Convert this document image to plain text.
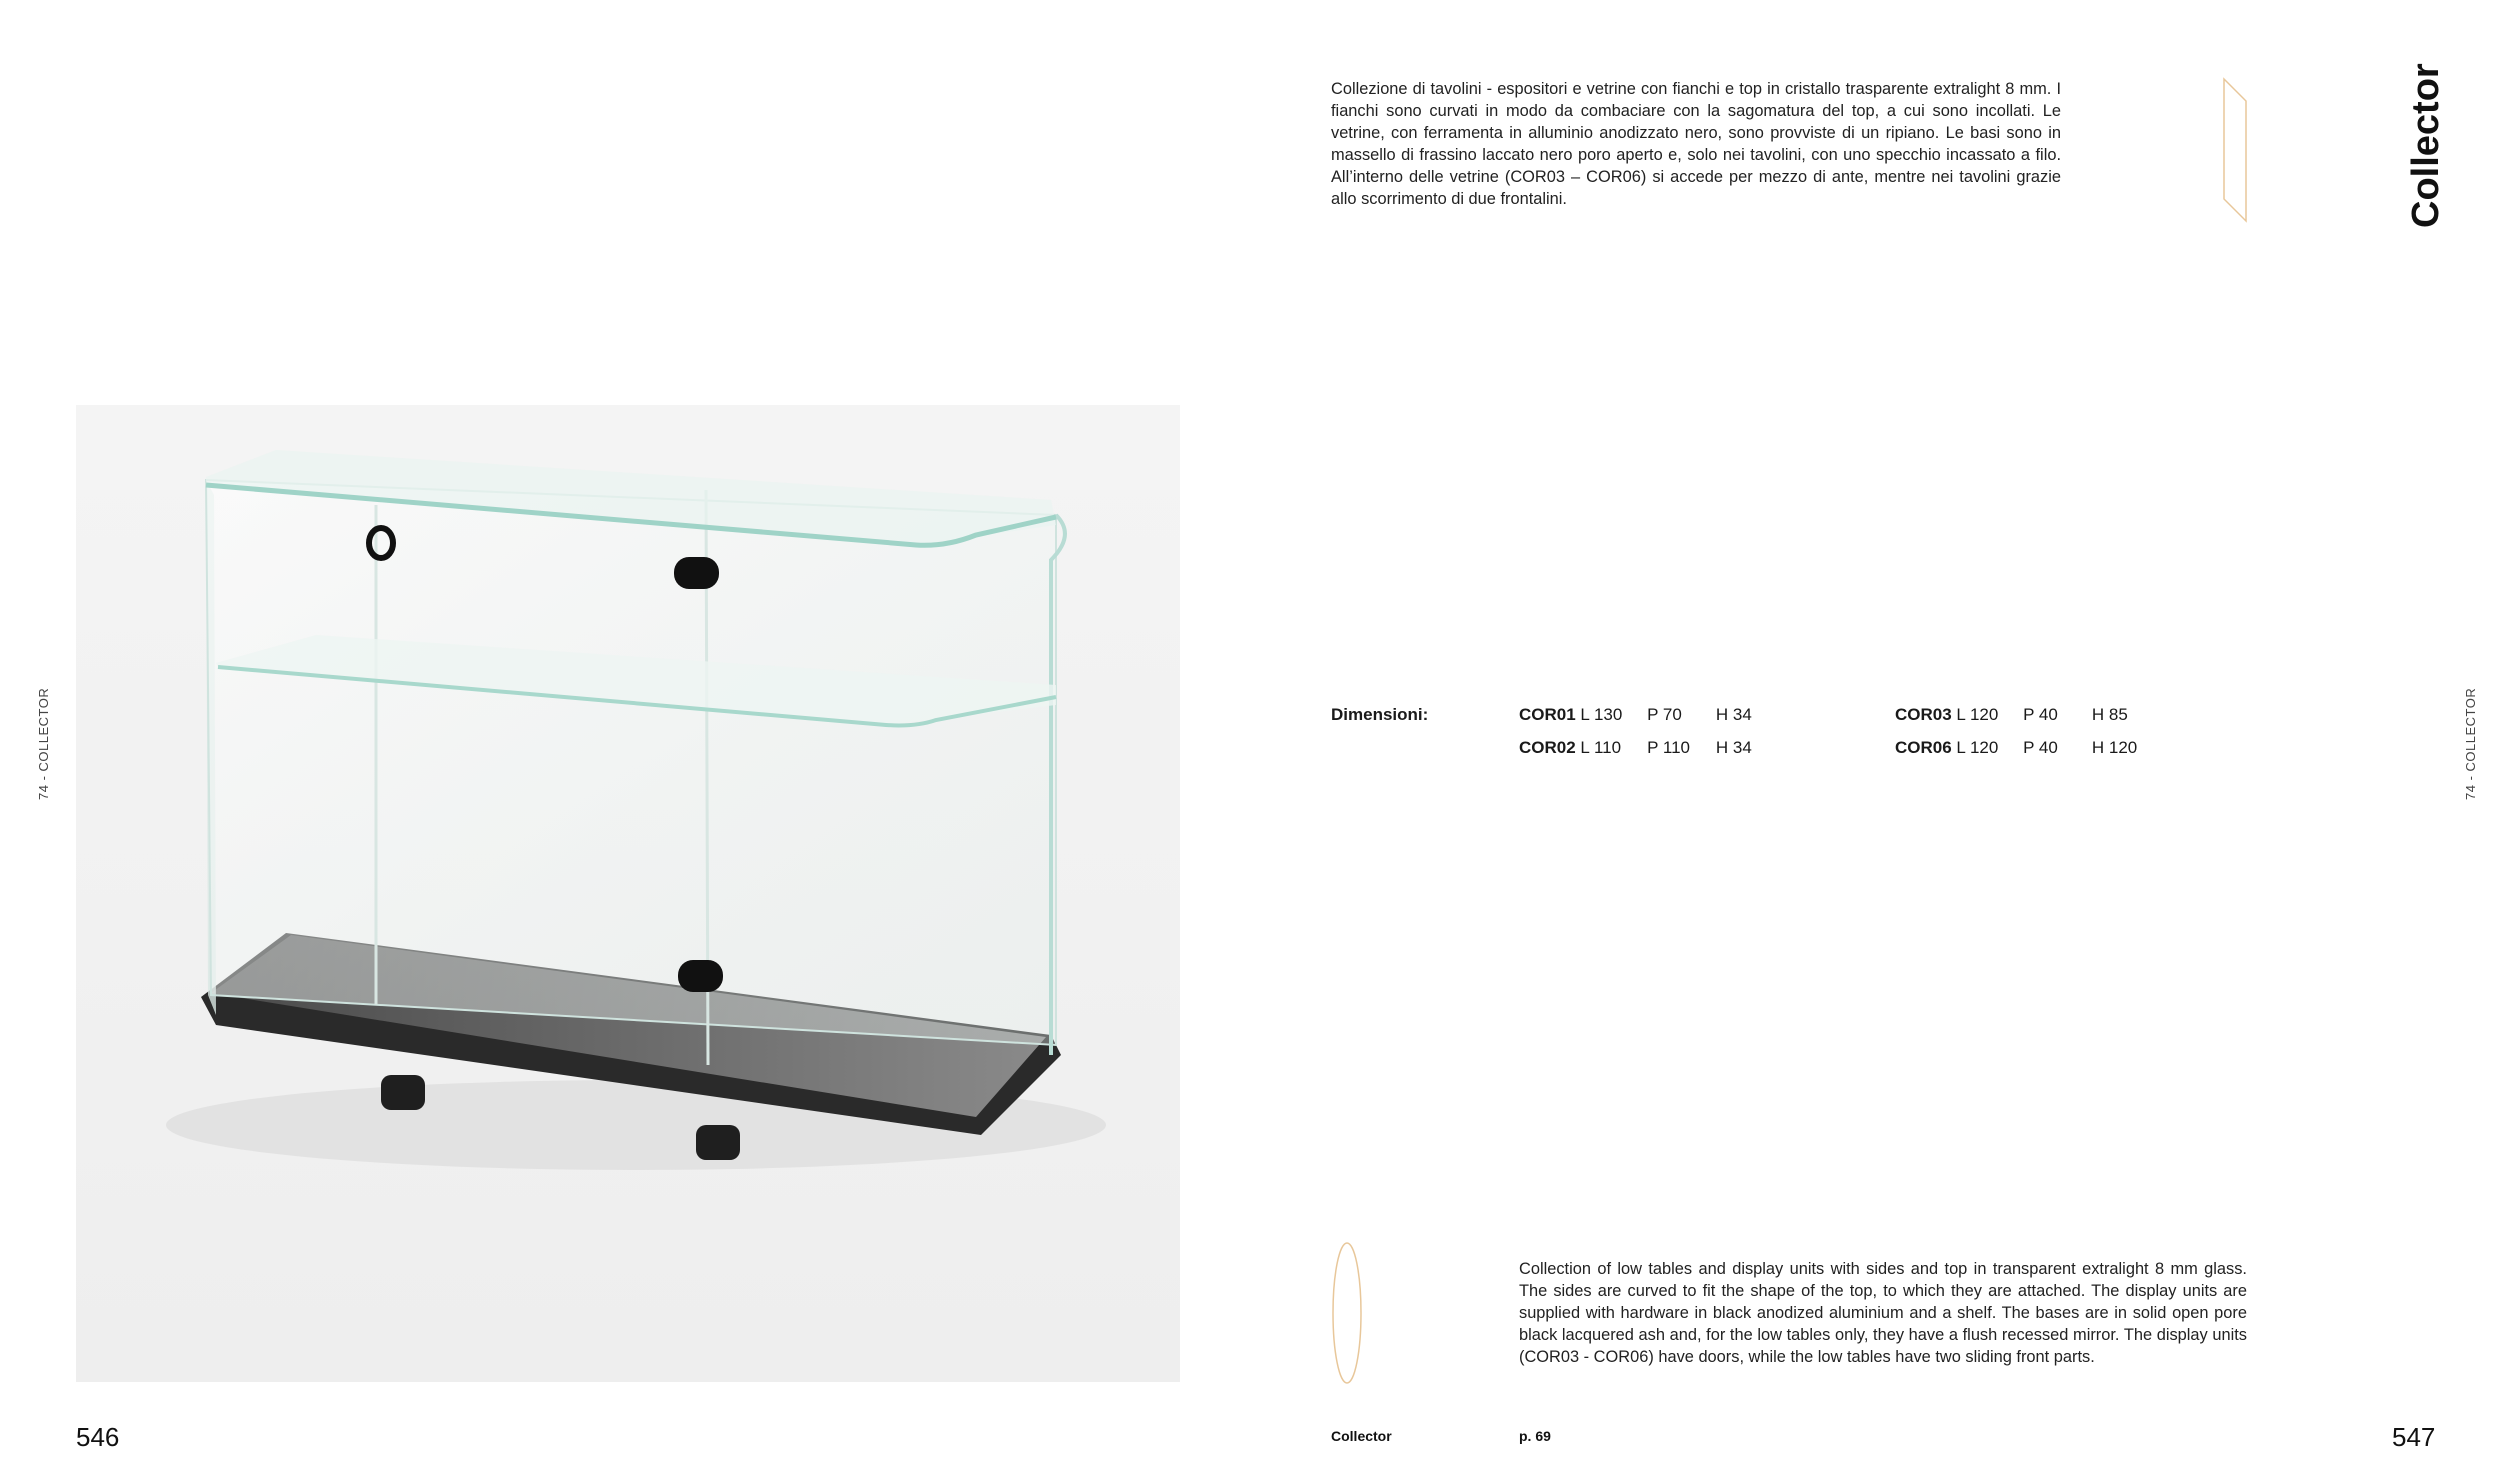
74 - COLLECTOR
546
Collezione di tavolini - espositori e vetrine con fianchi e top in cristallo trasparente extralight 8 mm. I fianchi sono curvati in modo da combaciare con la sagomatura del top, a cui sono incollati. Le vetrine, con ferramenta in alluminio anodizzato nero, sono provviste di un ripiano. Le basi sono in massello di frassino laccato nero poro aperto e, solo nei tavolini, con uno specchio incassato a filo. All’interno delle vetrine (COR03 – COR06) si accede per mezzo di ante, mentre nei tavolini grazie allo scorrimento di due frontalini.	Collector
Dimensioni:	COR01 L 130 P 70 H 34
COR02 L 110 P 110 H 34
COR03 L 120 P 40 H 85
COR06 L 120 P 40 H 120
Collection of low tables and display units with sides and top in transparent extralight 8 mm glass. The sides are curved to fit the shape of the top, to which they are attached. The display units are supplied with hardware in black anodized aluminium and a shelf. The bases are in solid open pore black lacquered ash and, for the low tables only, they have a flush recessed mirror. The display units (COR03 - COR06) have doors, while the low tables have two sliding front parts.
Collector	p. 69
74 - COLLECTOR
547
